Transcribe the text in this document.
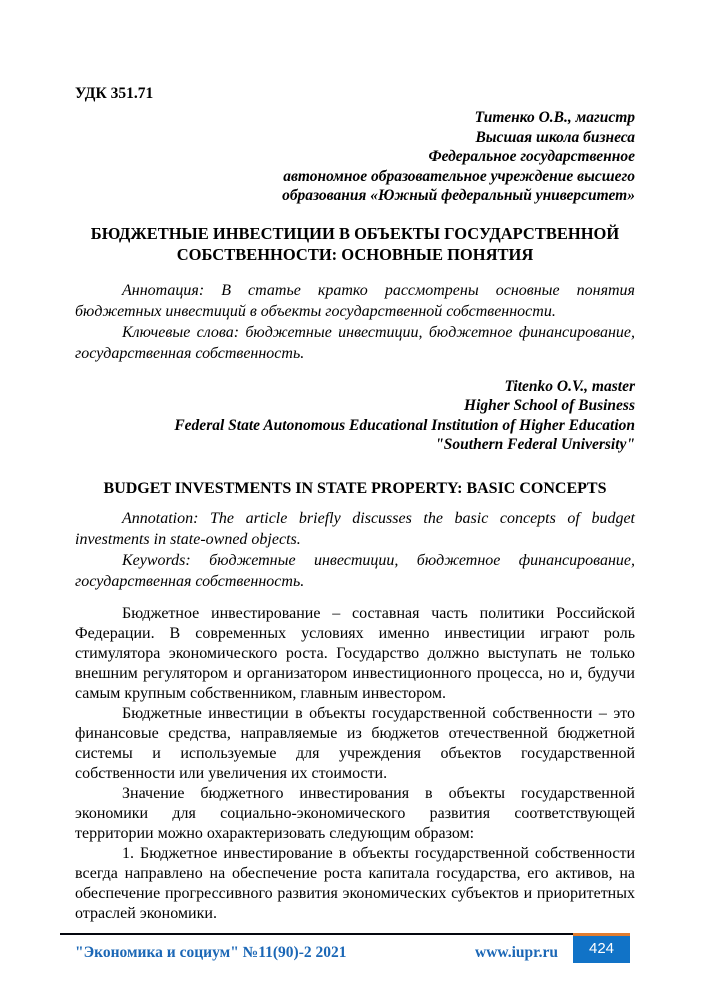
УДК 351.71
Титенко О.В., магистр
Высшая школа бизнеса
Федеральное государственное
автономное образовательное учреждение высшего
образования «Южный федеральный университет»
БЮДЖЕТНЫЕ ИНВЕСТИЦИИ В ОБЪЕКТЫ ГОСУДАРСТВЕННОЙ СОБСТВЕННОСТИ: ОСНОВНЫЕ ПОНЯТИЯ

Аннотация: В статье кратко рассмотрены основные понятия бюджетных инвестиций в объекты государственной собственности.

Ключевые слова: бюджетные инвестиции, бюджетное финансирование, государственная собственность.

Titenko O.V., master
Higher School of Business
Federal State Autonomous Educational Institution of Higher Education
"Southern Federal University"
BUDGET INVESTMENTS IN STATE PROPERTY: BASIC CONCEPTS

Annotation: The article briefly discusses the basic concepts of budget investments in state-owned objects.

Keywords: бюджетные инвестиции, бюджетное финансирование, государственная собственность.

Бюджетное инвестирование – составная часть политики Российской Федерации. В современных условиях именно инвестиции играют роль стимулятора экономического роста. Государство должно выступать не только внешним регулятором и организатором инвестиционного процесса, но и, будучи самым крупным собственником, главным инвестором.

Бюджетные инвестиции в объекты государственной собственности – это финансовые средства, направляемые из бюджетов отечественной бюджетной системы и используемые для учреждения объектов государственной собственности или увеличения их стоимости.

Значение бюджетного инвестирования в объекты государственной экономики для социально-экономического развития соответствующей территории можно охарактеризовать следующим образом:

1. Бюджетное инвестирование в объекты государственной собственности всегда направлено на обеспечение роста капитала государства, его активов, на обеспечение прогрессивного развития экономических субъектов и приоритетных отраслей экономики.

424
"Экономика и социум" №11(90)-2 2021	www.iupr.ru
